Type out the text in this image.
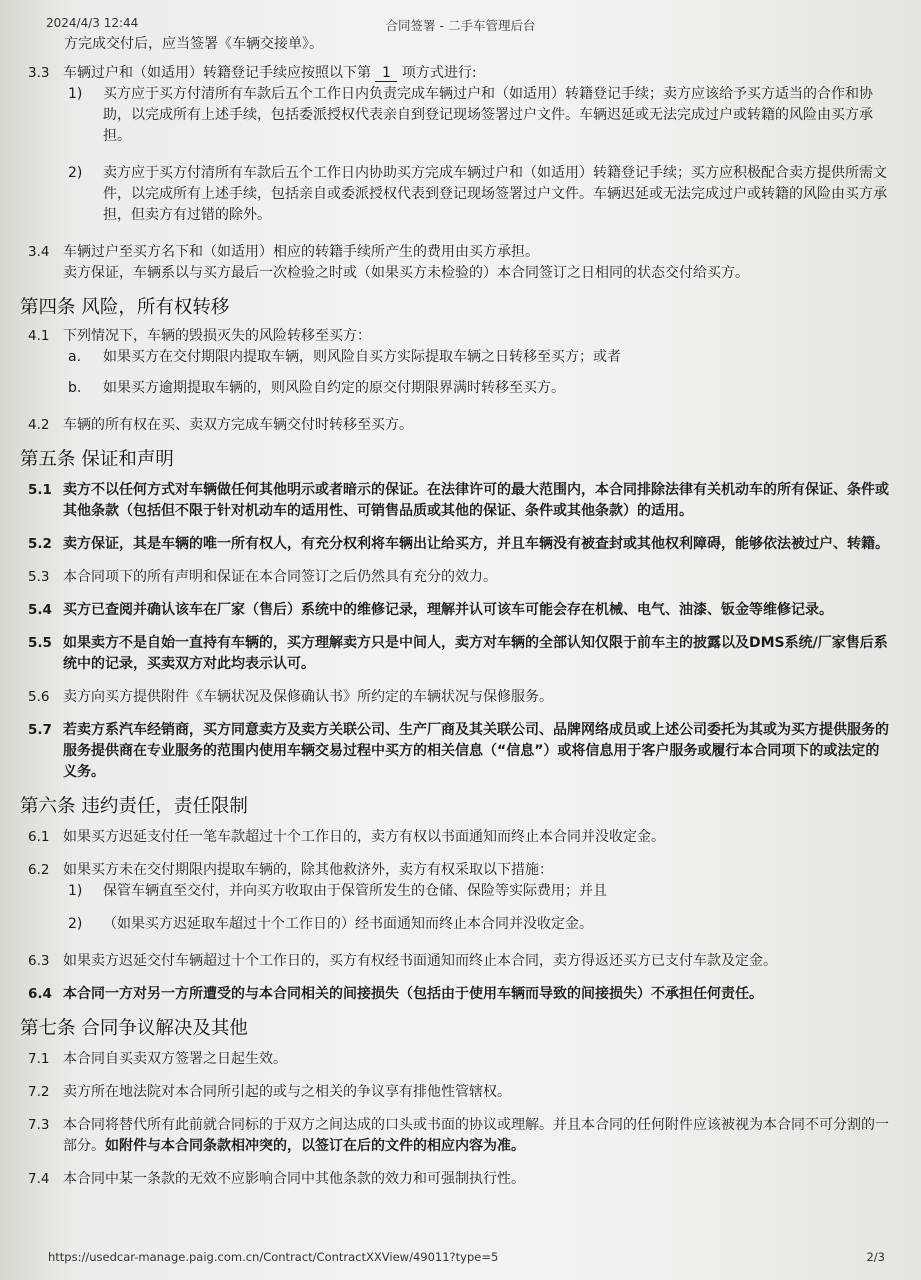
2024/4/3 12:44	合同签署 - 二手车管理后台

方完成交付后，应当签署《车辆交接单》。

3.3 车辆过户和（如适用）转籍登记手续应按照以下第 1 项方式进行:
1) 买方应于买方付清所有车款后五个工作日内负责完成车辆过户和（如适用）转籍登记手续；卖方应该给予买方适当的合作和协助，以完成所有上述手续，包括委派授权代表亲自到登记现场签署过户文件。车辆迟延或无法完成过户或转籍的风险由买方承担。
2) 卖方应于买方付清所有车款后五个工作日内协助买方完成车辆过户和（如适用）转籍登记手续；买方应积极配合卖方提供所需文件，以完成所有上述手续，包括亲自或委派授权代表到登记现场签署过户文件。车辆迟延或无法完成过户或转籍的风险由买方承担，但卖方有过错的除外。
3.4 车辆过户至买方名下和（如适用）相应的转籍手续所产生的费用由买方承担。
卖方保证，车辆系以与买方最后一次检验之时或（如果买方未检验的）本合同签订之日相同的状态交付给买方。
第四条 风险，所有权转移
4.1 下列情况下，车辆的毁损灭失的风险转移至买方：
a. 如果买方在交付期限内提取车辆，则风险自买方实际提取车辆之日转移至买方；或者
b. 如果买方逾期提取车辆的，则风险自约定的原交付期限界满时转移至买方。
4.2 车辆的所有权在买、卖双方完成车辆交付时转移至买方。
第五条 保证和声明
5.1 卖方不以任何方式对车辆做任何其他明示或者暗示的保证。在法律许可的最大范围内，本合同排除法律有关机动车的所有保证、条件或其他条款（包括但不限于针对机动车的适用性、可销售品质或其他的保证、条件或其他条款）的适用。
5.2 卖方保证，其是车辆的唯一所有权人，有充分权利将车辆出让给买方，并且车辆没有被查封或其他权利障碍，能够依法被过户、转籍。
5.3 本合同项下的所有声明和保证在本合同签订之后仍然具有充分的效力。
5.4 买方已查阅并确认该车在厂家（售后）系统中的维修记录，理解并认可该车可能会存在机械、电气、油漆、钣金等维修记录。
5.5 如果卖方不是自始一直持有车辆的，买方理解卖方只是中间人，卖方对车辆的全部认知仅限于前车主的披露以及DMS系统/厂家售后系统中的记录，买卖双方对此均表示认可。
5.6 卖方向买方提供附件《车辆状况及保修确认书》所约定的车辆状况与保修服务。
5.7 若卖方系汽车经销商，买方同意卖方及卖方关联公司、生产厂商及其关联公司、品牌网络成员或上述公司委托为其或为买方提供服务的服务提供商在专业服务的范围内使用车辆交易过程中买方的相关信息（“信息”）或将信息用于客户服务或履行本合同项下的或法定的义务。
第六条 违约责任，责任限制
6.1 如果买方迟延支付任一笔车款超过十个工作日的，卖方有权以书面通知而终止本合同并没收定金。
6.2 如果买方未在交付期限内提取车辆的，除其他救济外，卖方有权采取以下措施：
1) 保管车辆直至交付，并向买方收取由于保管所发生的仓储、保险等实际费用；并且
2) （如果买方迟延取车超过十个工作日的）经书面通知而终止本合同并没收定金。
6.3 如果卖方迟延交付车辆超过十个工作日的，买方有权经书面通知而终止本合同，卖方得返还买方已支付车款及定金。
6.4 本合同一方对另一方所遭受的与本合同相关的间接损失（包括由于使用车辆而导致的间接损失）不承担任何责任。
第七条 合同争议解决及其他
7.1 本合同自买卖双方签署之日起生效。
7.2 卖方所在地法院对本合同所引起的或与之相关的争议享有排他性管辖权。
7.3 本合同将替代所有此前就合同标的于双方之间达成的口头或书面的协议或理解。并且本合同的任何附件应该被视为本合同不可分割的一部分。如附件与本合同条款相冲突的，以签订在后的文件的相应内容为准。
7.4 本合同中某一条款的无效不应影响合同中其他条款的效力和可强制执行性。
https://usedcar-manage.paig.com.cn/Contract/ContractXXView/49011?type=5	2/3
